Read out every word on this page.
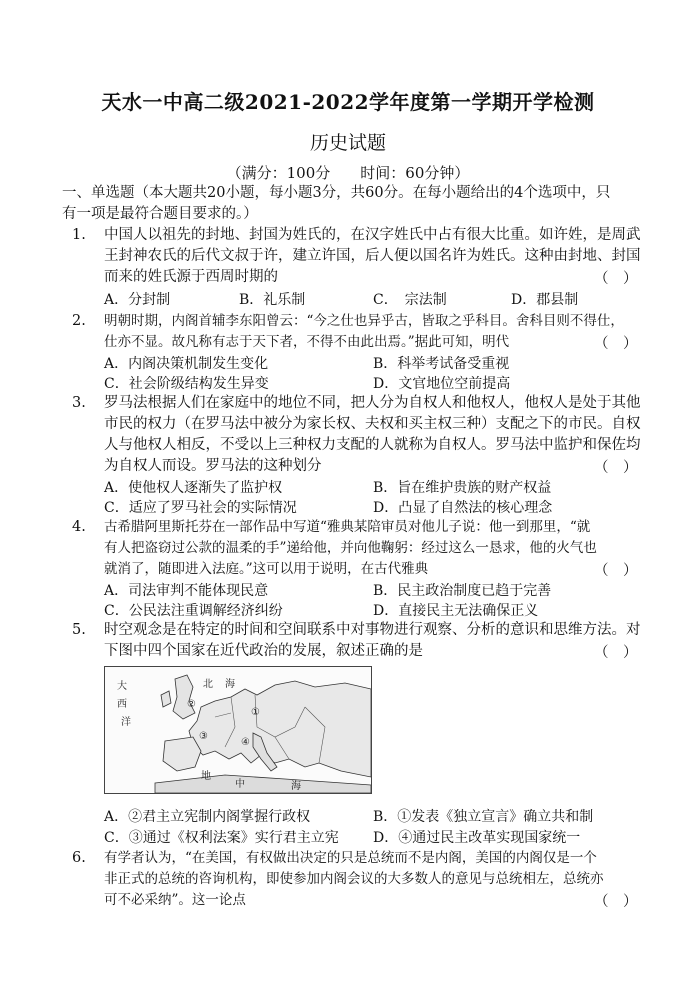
天水一中高二级2021-2022学年度第一学期开学检测
历史试题
（满分：100分　　时间：60分钟）
一、单选题（本大题共20小题，每小题3分，共60分。在每小题给出的4个选项中，只
有一项是最符合题目要求的。）
1. 中国人以祖先的封地、封国为姓氏的，在汉字姓氏中占有很大比重。如许姓，是周武
王封神农氏的后代文叔于许，建立许国，后人便以国名许为姓氏。这种由封地、封国
而来的姓氏源于西周时期的	（　）
A．分封制	B．礼乐制	C．　宗法制	D．郡县制
2. 明朝时期，内阁首辅李东阳曾云：“今之仕也异乎古，皆取之乎科目。舍科目则不得仕，
仕亦不显。故凡称有志于天下者，不得不由此出焉。”据此可知，明代	（　）
A．内阁决策机制发生变化	B．科举考试备受重视
C．社会阶级结构发生异变	D．文官地位空前提高
3. 罗马法根据人们在家庭中的地位不同，把人分为自权人和他权人，他权人是处于其他
市民的权力（在罗马法中被分为家长权、夫权和买主权三种）支配之下的市民。自权
人与他权人相反，不受以上三种权力支配的人就称为自权人。罗马法中监护和保佐均
为自权人而设。罗马法的这种划分	（　）
A．使他权人逐渐失了监护权	B．旨在维护贵族的财产权益
C．适应了罗马社会的实际情况	D．凸显了自然法的核心理念
4. 古希腊阿里斯托芬在一部作品中写道“雅典某陪审员对他儿子说：他一到那里，“就
有人把盗窃过公款的温柔的手”递给他，并向他鞠躬：经过这么一恳求，他的火气也
就消了，随即进入法庭。”这可以用于说明，在古代雅典	（　）
A．司法审判不能体现民意	B．民主政治制度已趋于完善
C．公民法注重调解经济纠纷	D．直接民主无法确保正义
5. 时空观念是在特定的时间和空间联系中对事物进行观察、分析的意识和思维方法。对
下图中四个国家在近代政治的发展，叙述正确的是	（　）
大
西
洋
北 海
地
中	海
①
②
③
④
A．②君主立宪制内阁掌握行政权	B．①发表《独立宣言》确立共和制
C．③通过《权利法案》实行君主立宪 D．④通过民主改革实现国家统一
6. 有学者认为，“在美国，有权做出决定的只是总统而不是内阁，美国的内阁仅是一个
非正式的总统的咨询机构，即使参加内阁会议的大多数人的意见与总统相左，总统亦
可不必采纳”。这一论点	（　）
